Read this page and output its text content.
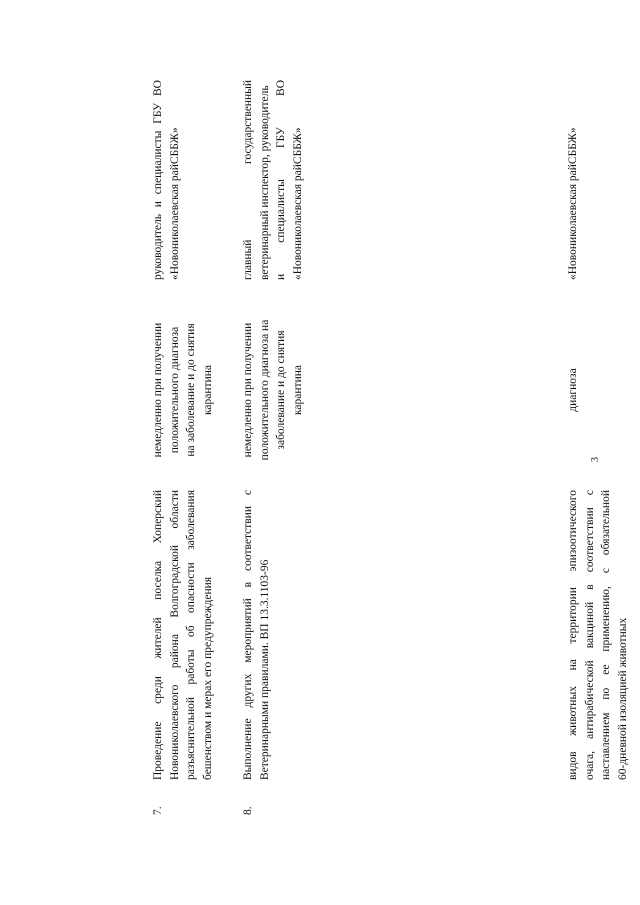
3
видов животных на территории эпизоотического очага, антирабической вакциной в соответствии с наставлением по ее применению, с обязательной 60-дневной изоляцией животных
диагноза
«Новониколаевская райСББЖ»
7.
Проведение среди жителей поселка Хоперский Новониколаевского района Волгоградской области разъяснительной работы об опасности заболевания бешенством и мерах его предупреждения
немедленно при получении положительного диагноза на заболевание и до снятия карантина
руководитель и специалисты ГБУ ВО «Новониколаевская райСББЖ»
8.
Выполнение других мероприятий в соответствии с Ветеринарными правилами. ВП 13.3.1103-96
немедленно при получении положительного диагноза на заболевание и до снятия карантина
главный государственный ветеринарный инспектор, руководитель и специалисты ГБУ ВО «Новониколаевская райСББЖ»
